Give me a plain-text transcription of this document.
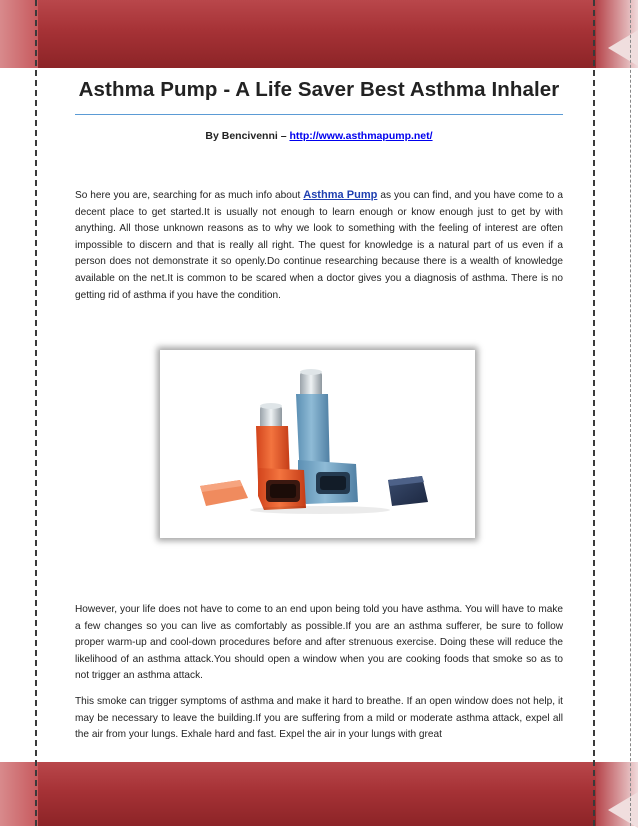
Asthma Pump - A Life Saver Best Asthma Inhaler
By Bencivenni – http://www.asthmapump.net/

So here you are, searching for as much info about Asthma Pump as you can find, and you have come to a decent place to get started.It is usually not enough to learn enough or know enough just to get by with anything. All those unknown reasons as to why we look to something with the feeling of interest are often impossible to discern and that is really all right. The quest for knowledge is a natural part of us even if a person does not demonstrate it so openly.Do continue researching because there is a wealth of knowledge available on the net.It is common to be scared when a doctor gives you a diagnosis of asthma. There is no getting rid of asthma if you have the condition.

However, your life does not have to come to an end upon being told you have asthma. You will have to make a few changes so you can live as comfortably as possible.If you are an asthma sufferer, be sure to follow proper warm-up and cool-down procedures before and after strenuous exercise. Doing these will reduce the likelihood of an asthma attack.You should open a window when you are cooking foods that smoke so as to not trigger an asthma attack.

This smoke can trigger symptoms of asthma and make it hard to breathe. If an open window does not help, it may be necessary to leave the building.If you are suffering from a mild or moderate asthma attack, expel all the air from your lungs. Exhale hard and fast. Expel the air in your lungs with great
